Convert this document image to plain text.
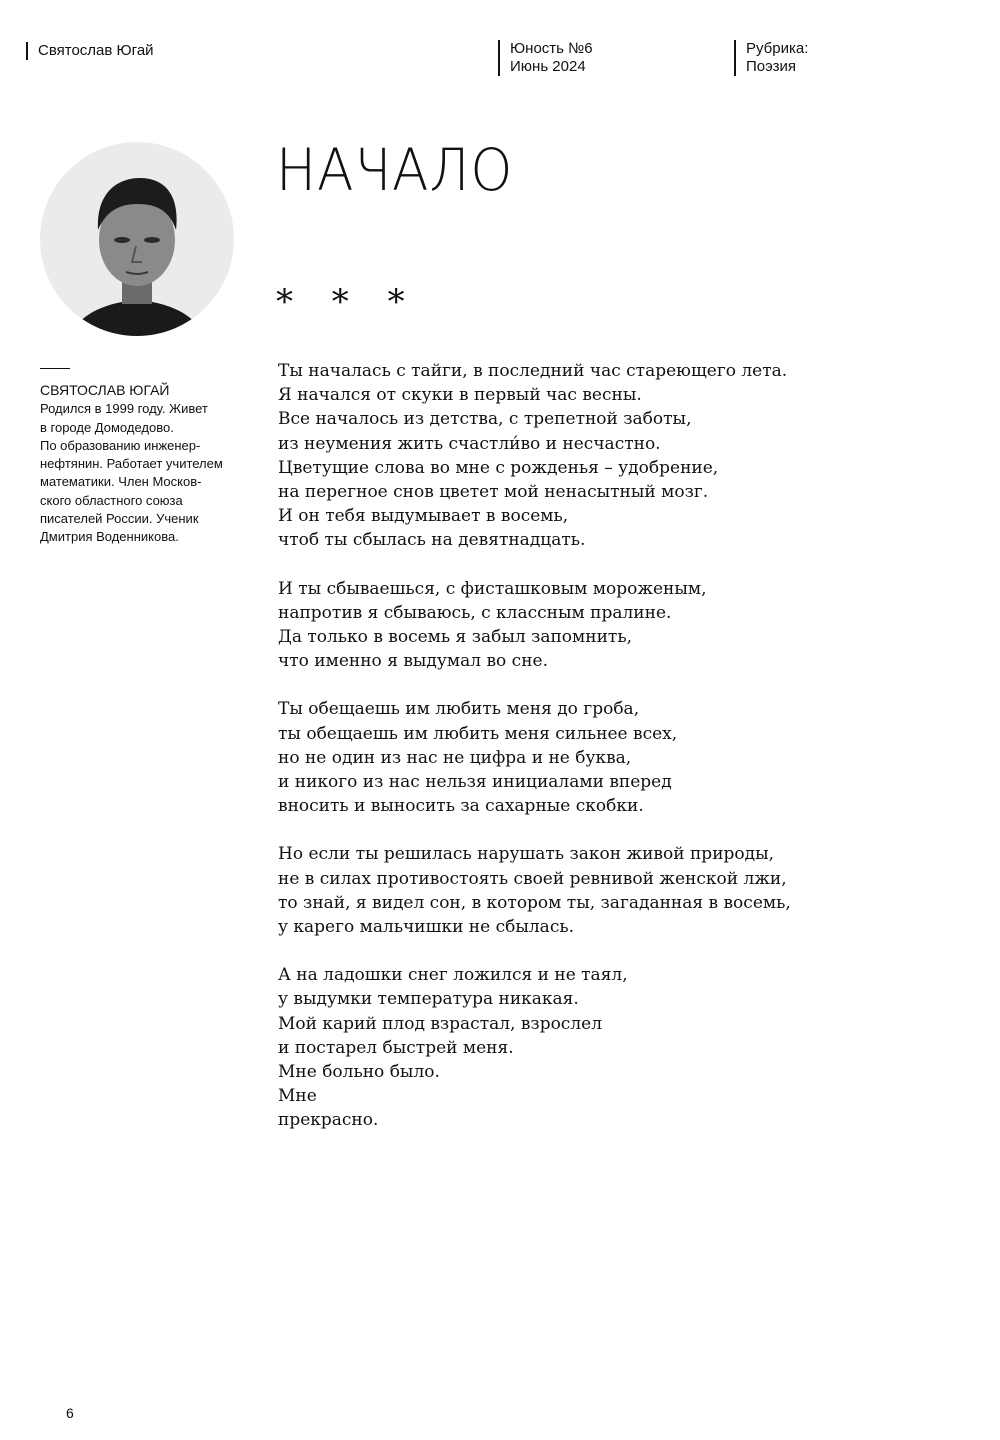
Святослав Югай	Юность №6
Июнь 2024
Рубрика:
Поэзия
НАЧАЛО
* * *
СВЯТОСЛАВ ЮГАЙ
Родился в 1999 году. Живет
в городе Домодедово.
По образованию инженер-
нефтянин. Работает учителем
математики. Член Москов-
ского областного союза
писателей России. Ученик
Дмитрия Воденникова.
Ты началась с тайги, в последний час стареющего лета.
Я начался от скуки в первый час весны.
Все началось из детства, с трепетной заботы,
из неумения жить счастли́во и несчастно.
Цветущие слова во мне с рожденья – удобрение,
на перегное снов цветет мой ненасытный мозг.
И он тебя выдумывает в восемь,
чтоб ты сбылась на девятнадцать.
И ты сбываешься, с фисташковым мороженым,
напротив я сбываюсь, с классным пралине.
Да только в восемь я забыл запомнить,
что именно я выдумал во сне.
Ты обещаешь им любить меня до гроба,
ты обещаешь им любить меня сильнее всех,
но не один из нас не цифра и не буква,
и никого из нас нельзя инициалами вперед
вносить и выносить за сахарные скобки.
Но если ты решилась нарушать закон живой природы,
не в силах противостоять своей ревнивой женской лжи,
то знай, я видел сон, в котором ты, загаданная в восемь,
у карего мальчишки не сбылась.
А на ладошки снег ложился и не таял,
у выдумки температура никакая.
Мой карий плод взрастал, взрослел
и постарел быстрей меня.
Мне больно было.
Мне
прекрасно.
6
